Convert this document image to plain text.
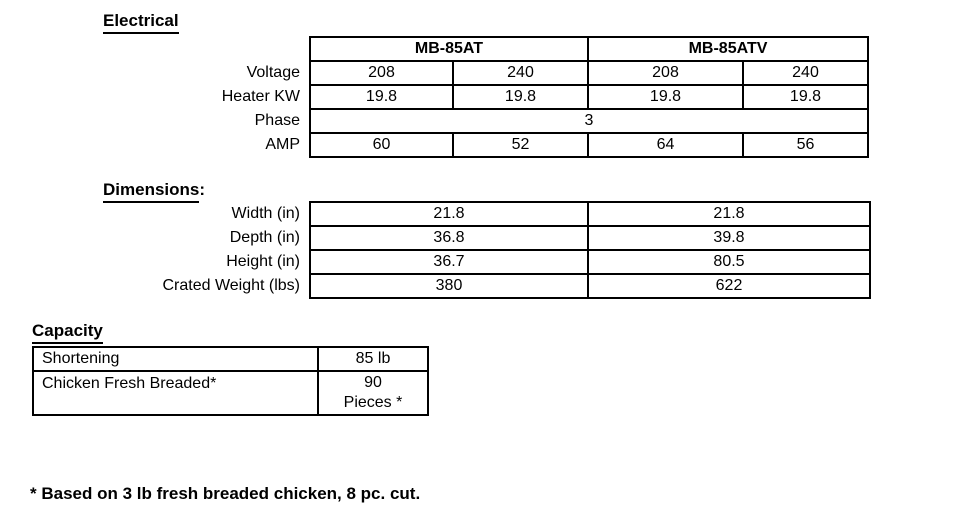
Electrical
	MB-85AT		MB-85ATV	
Voltage	208	240	208	240
Heater KW	19.8	19.8	19.8	19.8
Phase	3			
AMP	60	52	64	56
Dimensions:
Width (in)	21.8	21.8
Depth (in)	36.8	39.8
Height (in)	36.7	80.5
Crated Weight (lbs)	380	622
Capacity
Shortening	85 lb
Chicken Fresh Breaded*	90
Pieces *
* Based on 3 lb fresh breaded chicken, 8 pc. cut.
